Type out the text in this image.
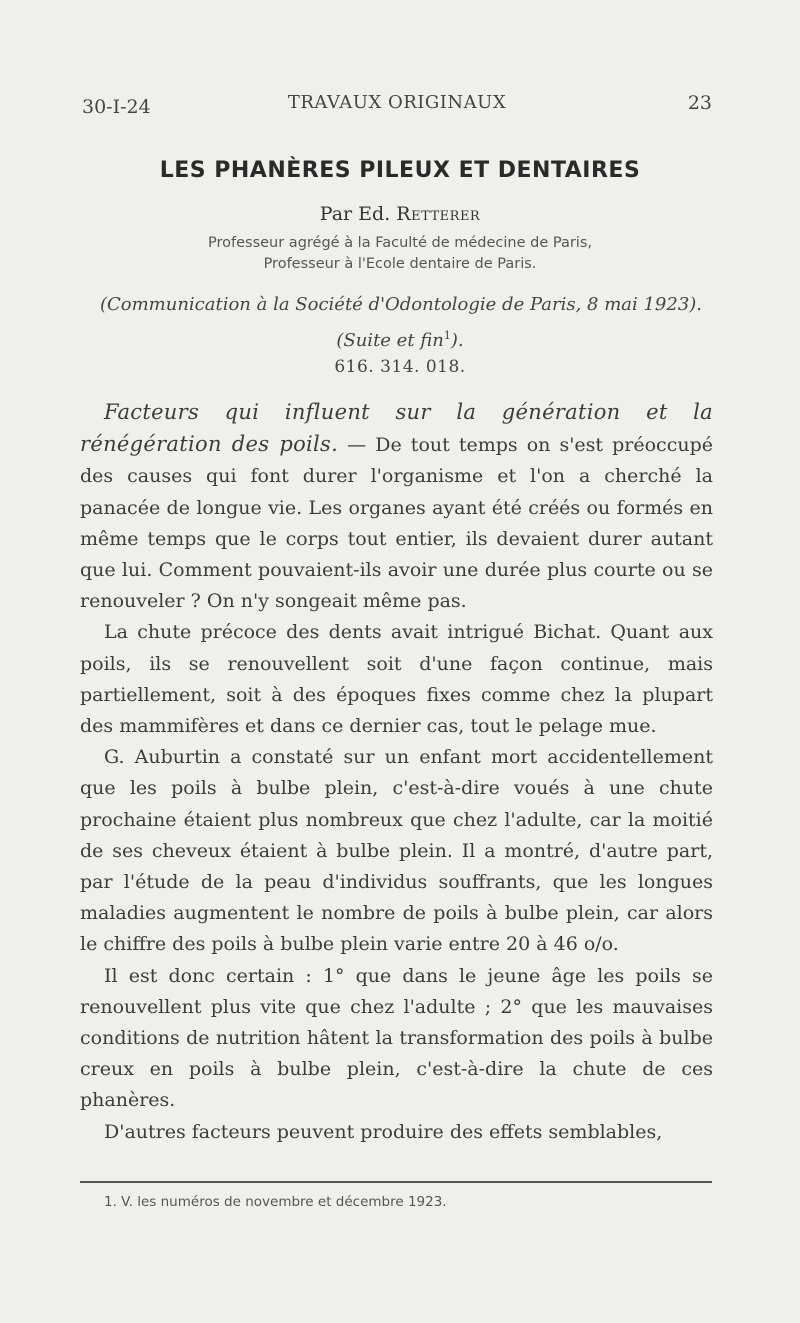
30-I-24	TRAVAUX ORIGINAUX	23
LES PHANÈRES PILEUX ET DENTAIRES
Par Ed. Retterer
Professeur agrégé à la Faculté de médecine de Paris,
Professeur à l'Ecole dentaire de Paris.
(Communication à la Société d'Odontologie de Paris, 8 mai 1923).
(Suite et fin$^1$).
616. 314. 018.

Facteurs qui influent sur la génération et la rénégération des poils. — De tout temps on s'est préoccupé des causes qui font durer l'organisme et l'on a cherché la panacée de longue vie. Les organes ayant été créés ou formés en même temps que le corps tout entier, ils devaient durer autant que lui. Comment pouvaient-ils avoir une durée plus courte ou se renouveler ? On n'y songeait même pas.

La chute précoce des dents avait intrigué Bichat. Quant aux poils, ils se renouvellent soit d'une façon continue, mais partiellement, soit à des époques fixes comme chez la plupart des mammifères et dans ce dernier cas, tout le pelage mue.

G. Auburtin a constaté sur un enfant mort accidentellement que les poils à bulbe plein, c'est-à-dire voués à une chute prochaine étaient plus nombreux que chez l'adulte, car la moitié de ses cheveux étaient à bulbe plein. Il a montré, d'autre part, par l'étude de la peau d'individus souffrants, que les longues maladies augmentent le nombre de poils à bulbe plein, car alors le chiffre des poils à bulbe plein varie entre 20 à 46 o/o.

Il est donc certain : 1° que dans le jeune âge les poils se renouvellent plus vite que chez l'adulte ; 2° que les mauvaises conditions de nutrition hâtent la transformation des poils à bulbe creux en poils à bulbe plein, c'est-à-dire la chute de ces phanères.

D'autres facteurs peuvent produire des effets semblables,

1. V. les numéros de novembre et décembre 1923.
